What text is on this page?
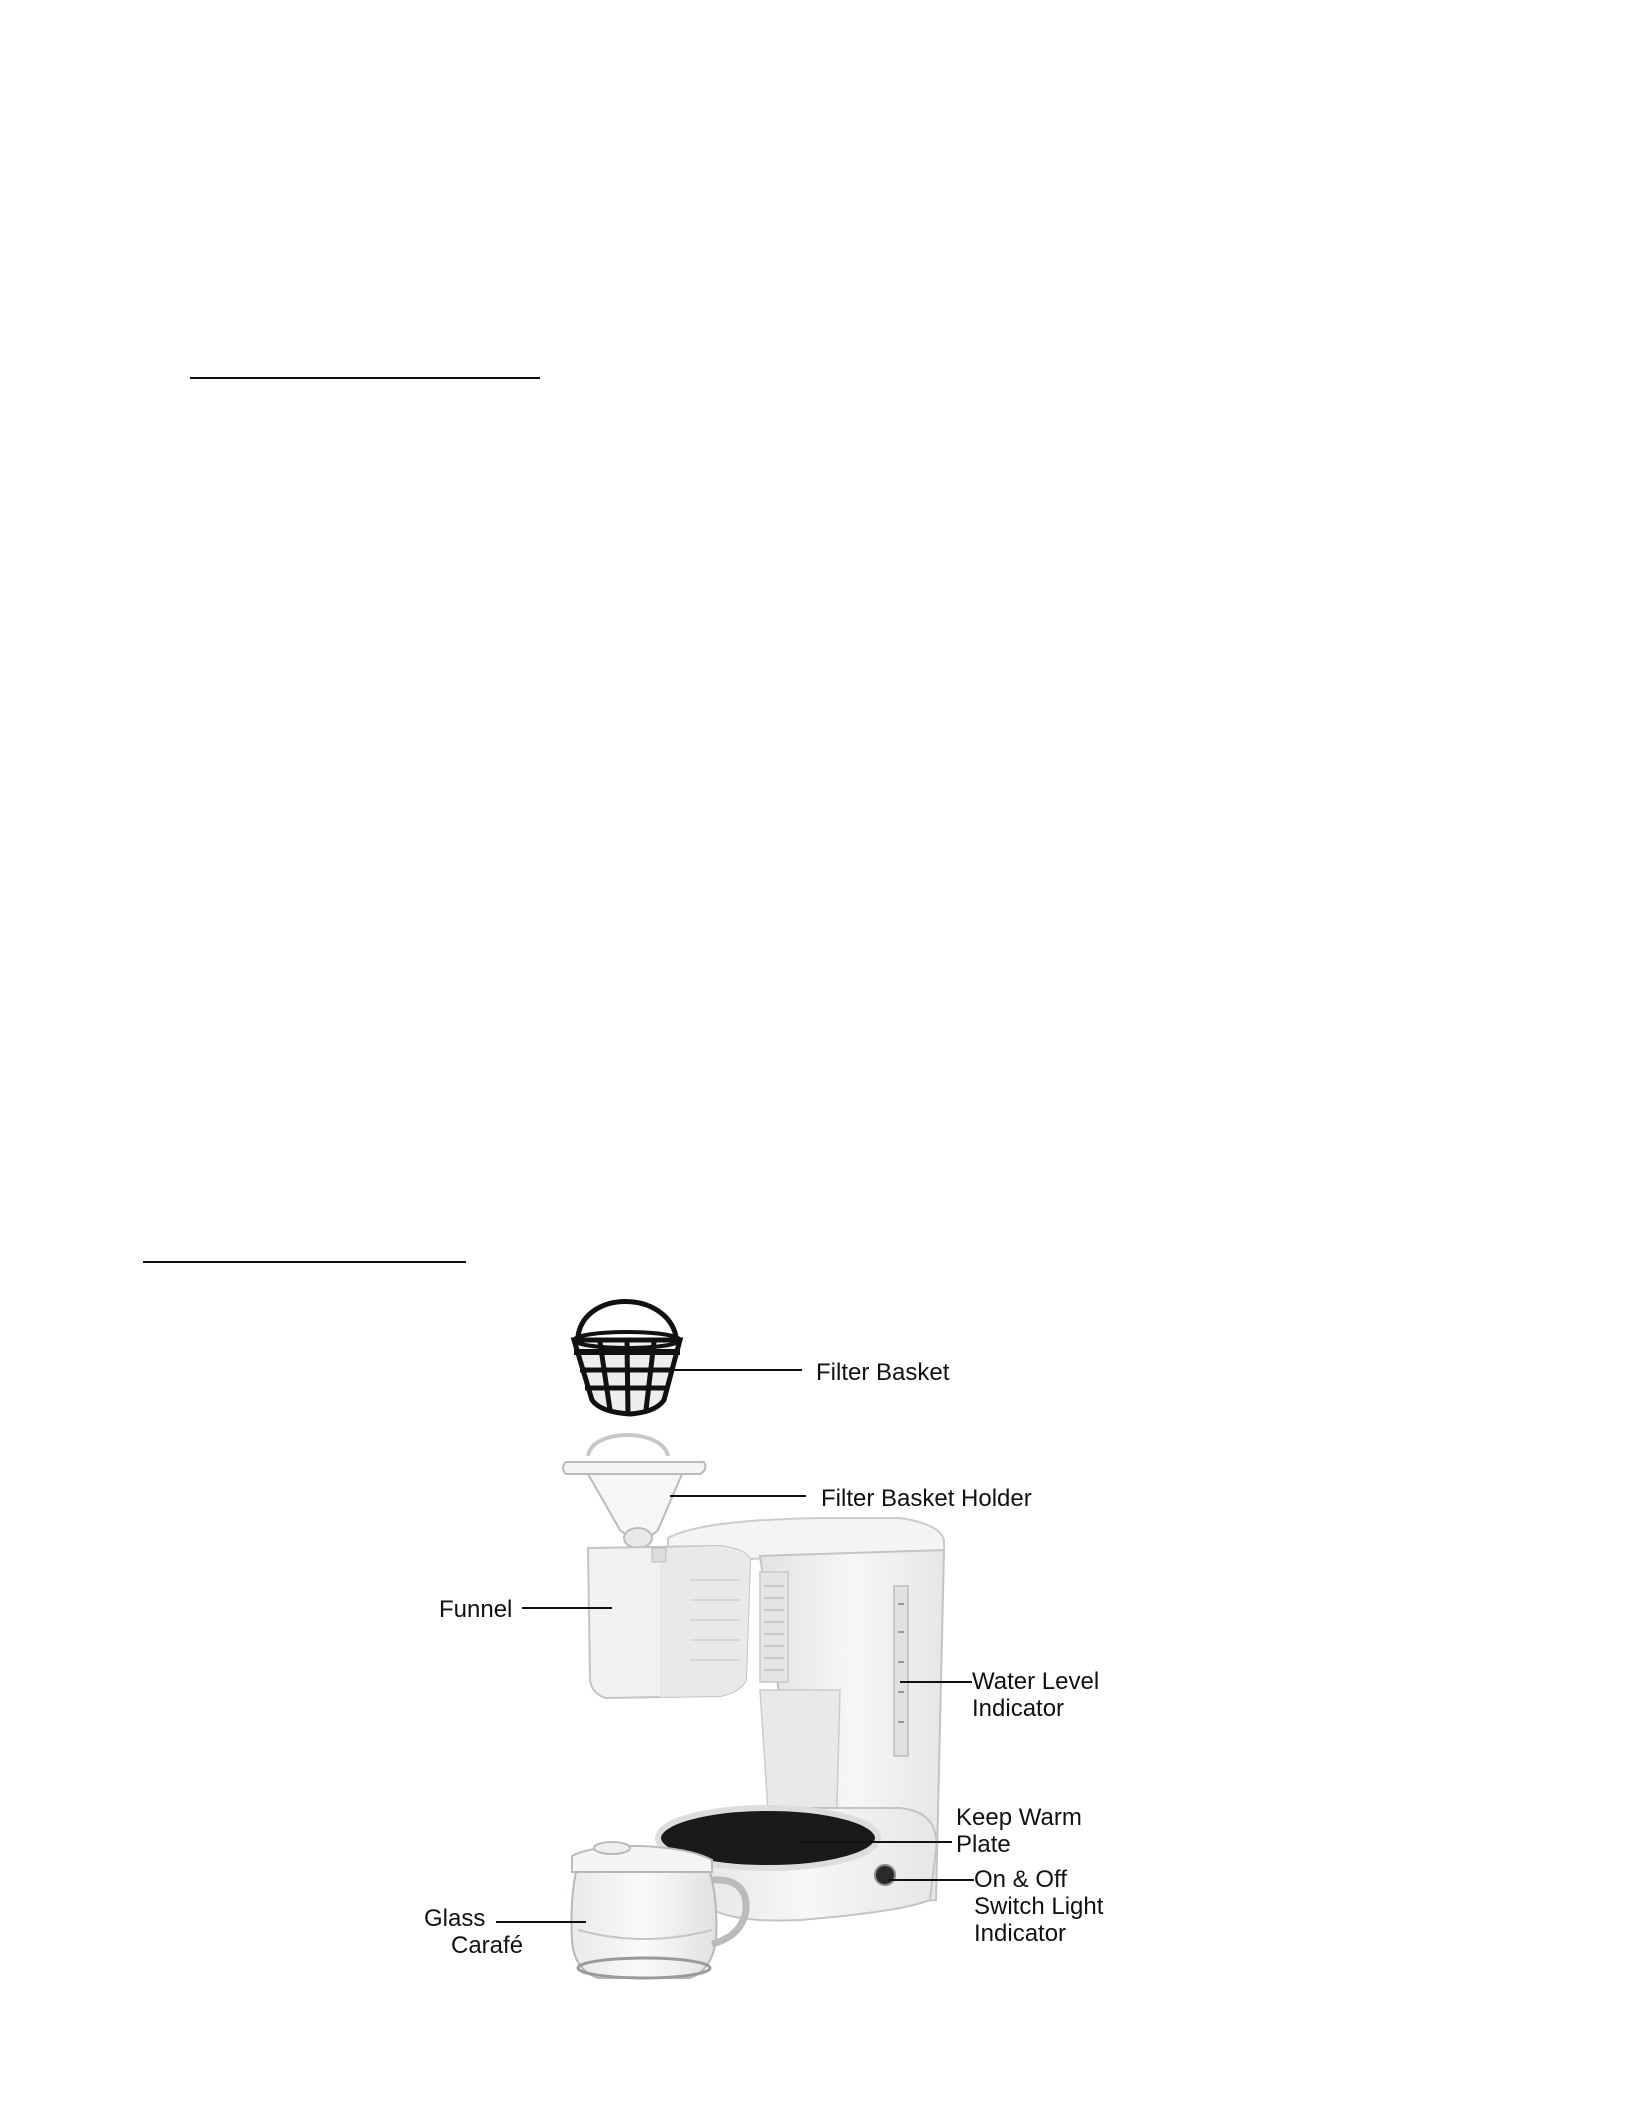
Filter Basket
Filter Basket Holder
Funnel
Water Level
Indicator
Keep Warm
Plate
On & Off
Switch Light
Indicator
Glass
Carafé
